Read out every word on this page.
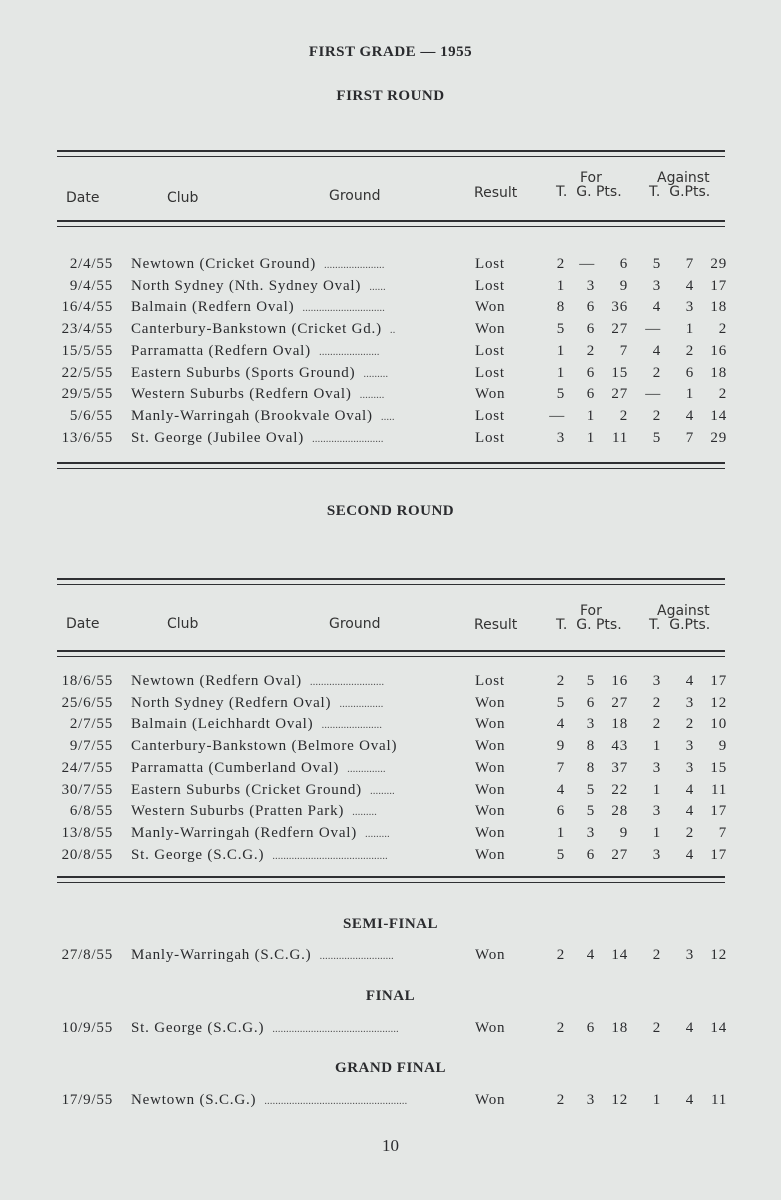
FIRST GRADE — 1955
FIRST ROUND
Date	Club	Ground	Result
For	Against
T.  G. Pts. T.  G.Pts.
2/4/55 Newtown (Cricket Ground)	Lost	2 —	6	5	7	29
......................
9/4/55 North Sydney (Nth. Sydney Oval)	Lost	1	3	9	3	4	17
......
16/4/55 Balmain (Redfern Oval)	Won	8	6	36	4	3	18
..............................
23/4/55 Canterbury-Bankstown (Cricket Gd.)	Won	5	6	27	—	1	2
..
15/5/55 Parramatta (Redfern Oval)	Lost	1	2	7	4	2	16
......................
22/5/55 Eastern Suburbs (Sports Ground)	Lost	1	6	15	2	6	18
.........
29/5/55 Western Suburbs (Redfern Oval)	Won	5	6	27	—	1	2
.........
5/6/55 Manly-Warringah (Brookvale Oval)	Lost	—	1	2	2	4	14
.....
13/6/55 St. George (Jubilee Oval)	Lost	3	1	11	5	7	29
..........................
SECOND ROUND
Date	Club	Ground	Result
For	Against
T.  G. Pts. T.  G.Pts.
18/6/55 Newtown (Redfern Oval)	Lost	2	5	16	3	4	17
...........................
25/6/55 North Sydney (Redfern Oval)	Won	5	6	27	2	3	12
................
2/7/55 Balmain (Leichhardt Oval)	Won	4	3	18	2	2	10
......................
9/7/55 Canterbury-Bankstown (Belmore Oval)	Won	9	8	43	1	3	9
24/7/55 Parramatta (Cumberland Oval)	Won	7	8	37	3	3	15
..............
30/7/55 Eastern Suburbs (Cricket Ground)	Won	4	5	22	1	4	11
.........
6/8/55 Western Suburbs (Pratten Park)	Won	6	5	28	3	4	17
.........
13/8/55 Manly-Warringah (Redfern Oval)	Won	1	3	9	1	2	7
.........
20/8/55 St. George (S.C.G.)	Won	5	6	27	3	4	17
..........................................
SEMI-FINAL
27/8/55 Manly-Warringah (S.C.G.)	Won	2	4	14	2	3	12
...........................
FINAL
10/9/55 St. George (S.C.G.)	Won	2	6	18	2	4	14
..............................................
GRAND FINAL
17/9/55 Newtown (S.C.G.)	Won	2	3	12	1	4	11
....................................................
10
